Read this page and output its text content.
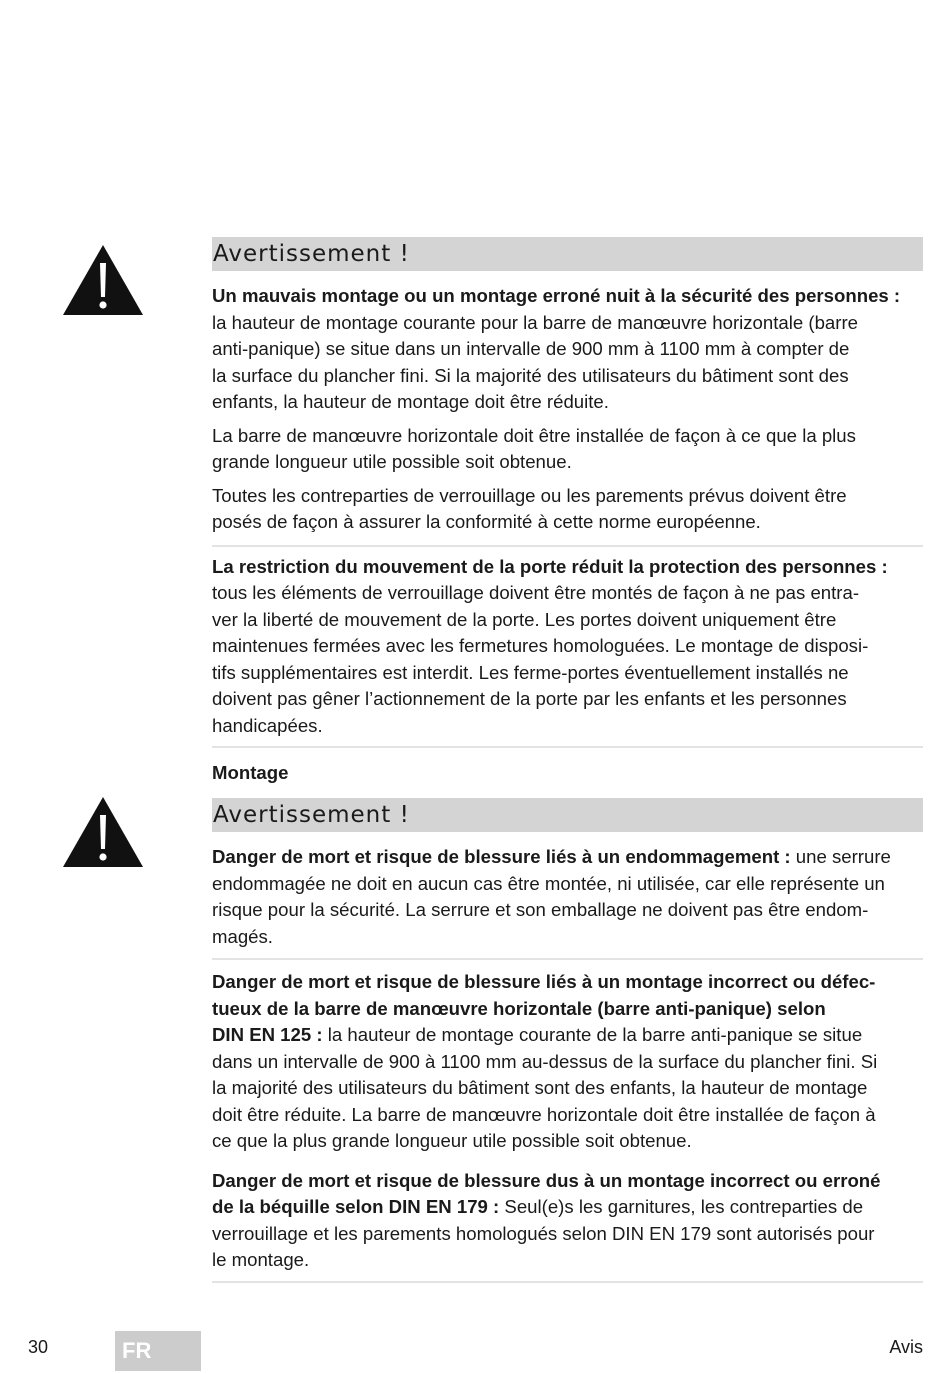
Avertissement !

Un mauvais montage ou un montage erroné nuit à la sécurité des personnes :
la hauteur de montage courante pour la barre de manœuvre horizontale (barre
anti-panique) se situe dans un intervalle de 900 mm à 1100 mm à compter de
la surface du plancher fini. Si la majorité des utilisateurs du bâtiment sont des
enfants, la hauteur de montage doit être réduite.

La barre de manœuvre horizontale doit être installée de façon à ce que la plus
grande longueur utile possible soit obtenue.

Toutes les contreparties de verrouillage ou les parements prévus doivent être
posés de façon à assurer la conformité à cette norme européenne.

La restriction du mouvement de la porte réduit la protection des personnes :
tous les éléments de verrouillage doivent être montés de façon à ne pas entra-
ver la liberté de mouvement de la porte. Les portes doivent uniquement être
maintenues fermées avec les fermetures homologuées. Le montage de disposi-
tifs supplémentaires est interdit. Les ferme-portes éventuellement installés ne
doivent pas gêner l’actionnement de la porte par les enfants et les personnes
handicapées.

Montage
Avertissement !

Danger de mort et risque de blessure liés à un endommagement : une serrure
endommagée ne doit en aucun cas être montée, ni utilisée, car elle représente un
risque pour la sécurité. La serrure et son emballage ne doivent pas être endom-
magés.

Danger de mort et risque de blessure liés à un montage incorrect ou défec-
tueux de la barre de manœuvre horizontale (barre anti-panique) selon
DIN EN 125 : la hauteur de montage courante de la barre anti-panique se situe
dans un intervalle de 900 à 1100 mm au-dessus de la surface du plancher fini. Si
la majorité des utilisateurs du bâtiment sont des enfants, la hauteur de montage
doit être réduite. La barre de manœuvre horizontale doit être installée de façon à
ce que la plus grande longueur utile possible soit obtenue.

Danger de mort et risque de blessure dus à un montage incorrect ou erroné
de la béquille selon DIN EN 179 : Seul(e)s les garnitures, les contreparties de
verrouillage et les parements homologués selon DIN EN 179 sont autorisés pour
le montage.

30	FR	Avis
